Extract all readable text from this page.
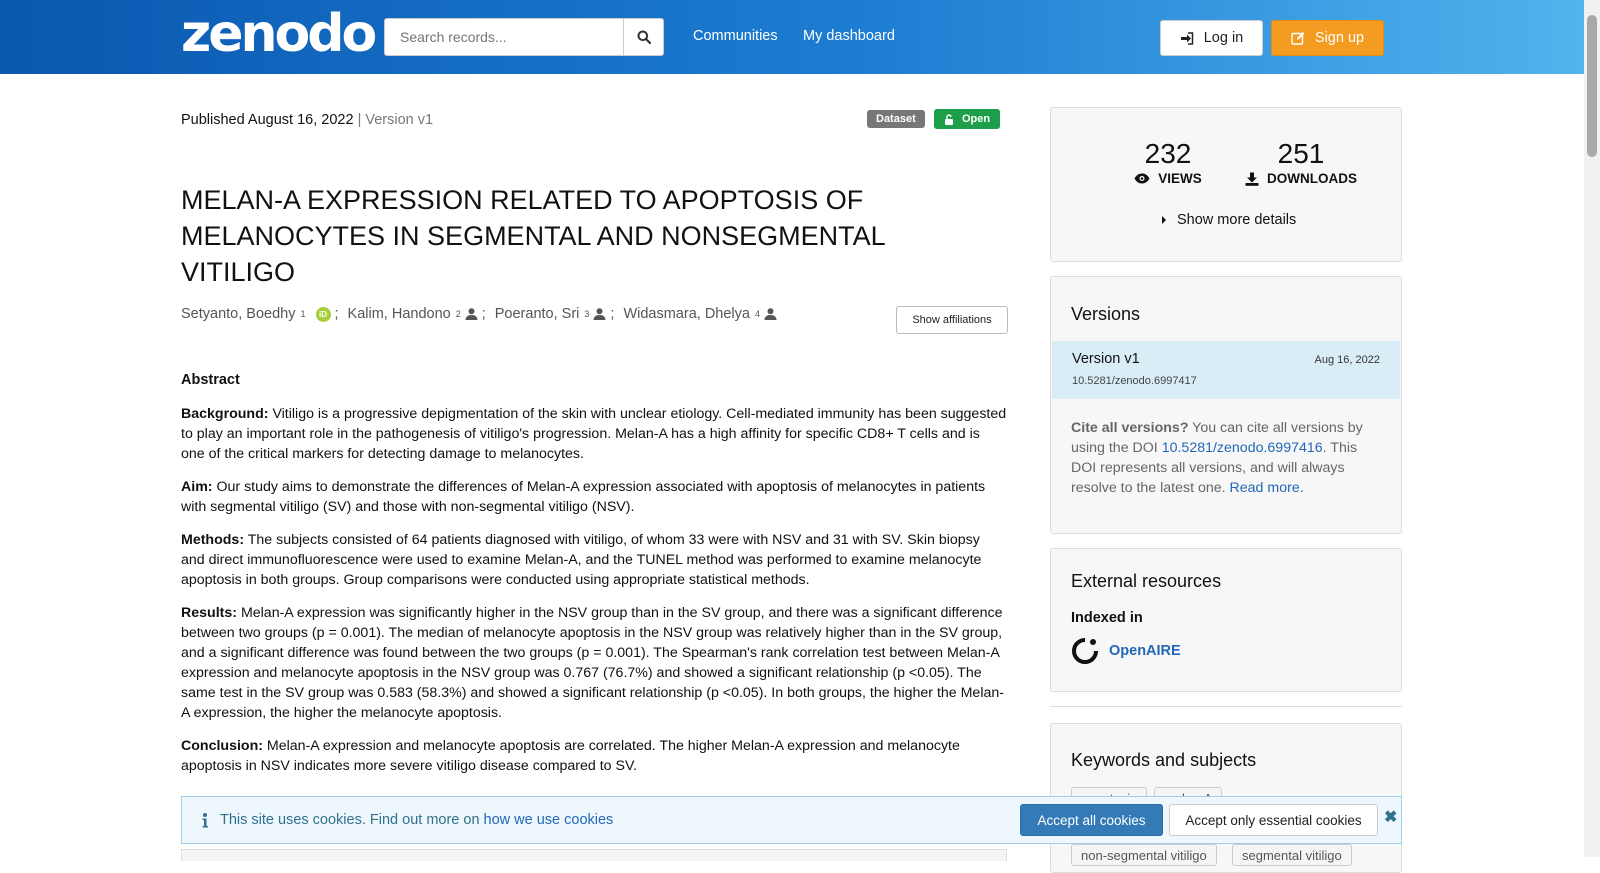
zenodo
Search records...	Communities My dashboard	Log in	Sign up
Published August 16, 2022 | Version v1	Dataset	Open
MELAN-A EXPRESSION RELATED TO APOPTOSIS OF MELANOCYTES IN SEGMENTAL AND NONSEGMENTAL VITILIGO
Setyanto, Boedhy 1	iD ; Kalim, Handono 2 ; Poeranto, Sri 3 ; Widasmara, Dhelya 4	Show affiliations
Abstract

Background: Vitiligo is a progressive depigmentation of the skin with unclear etiology. Cell-mediated immunity has been suggested to play an important role in the pathogenesis of vitiligo's progression. Melan-A has a high affinity for specific CD8+ T cells and is one of the critical markers for detecting damage to melanocytes.

Aim: Our study aims to demonstrate the differences of Melan-A expression associated with apoptosis of melanocytes in patients with segmental vitiligo (SV) and those with non-segmental vitiligo (NSV).

Methods: The subjects consisted of 64 patients diagnosed with vitiligo, of whom 33 were with NSV and 31 with SV. Skin biopsy and direct immunofluorescence were used to examine Melan-A, and the TUNEL method was performed to examine melanocyte apoptosis in both groups. Group comparisons were conducted using appropriate statistical methods.

Results: Melan-A expression was significantly higher in the NSV group than in the SV group, and there was a significant difference between two groups (p = 0.001). The median of melanocyte apoptosis in the NSV group was relatively higher than in the SV group, and a significant difference was found between the two groups (p = 0.001). The Spearman's rank correlation test between Melan-A expression and melanocyte apoptosis in the NSV group was 0.767 (76.7%) and showed a significant relationship (p <0.05). The same test in the SV group was 0.583 (58.3%) and showed a significant relationship (p <0.05). In both groups, the higher the Melan-A expression, the higher the melanocyte apoptosis.

Conclusion: Melan-A expression and melanocyte apoptosis are correlated. The higher Melan-A expression and melanocyte apoptosis in NSV indicates more severe vitiligo disease compared to SV.

232
VIEWS
251
DOWNLOADS
Show more details
Versions
Version v1	Aug 16, 2022
10.5281/zenodo.6997417
Cite all versions? You can cite all versions by using the DOI 10.5281/zenodo.6997416. This DOI represents all versions, and will always resolve to the latest one. Read more.
External resources
Indexed in
OpenAIRE
Keywords and subjects
non-segmental vitiligo	segmental vitiligo
This site uses cookies. Find out more on how we use cookies	Accept all cookies	Accept only essential cookies	✖
